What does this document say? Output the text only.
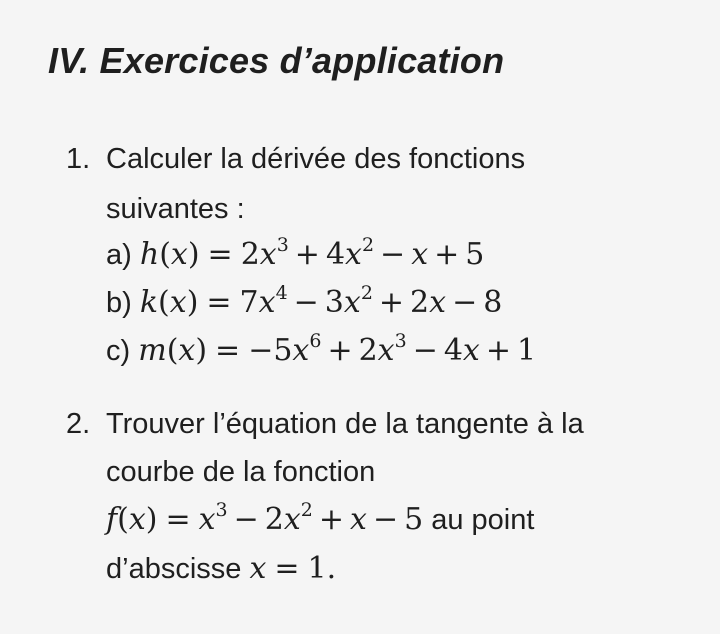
IV. Exercices d’application
1. Calculer la dérivée des fonctions
suivantes :
a) $h(x) = 2x^3 + 4x^2 - x + 5$
b) $k(x) = 7x^4 - 3x^2 + 2x - 8$
c) $m(x) = -5x^6 + 2x^3 - 4x + 1$
2. Trouver l’équation de la tangente à la
courbe de la fonction
$f(x) = x^3 - 2x^2 + x - 5$ au point
d’abscisse x = 1.
